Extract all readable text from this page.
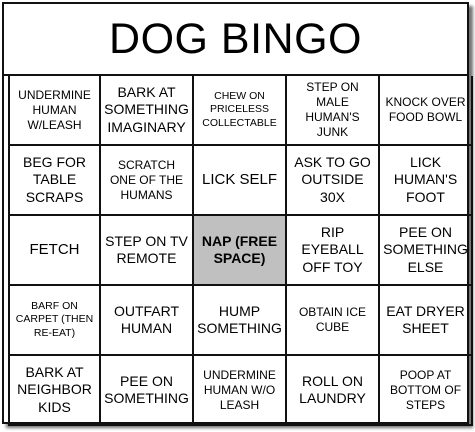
DOG BINGO
UNDERMINE HUMAN W/LEASH
BARK AT SOMETHING IMAGINARY
CHEW ON PRICELESS COLLECTABLE
STEP ON MALE HUMAN'S JUNK
KNOCK OVER FOOD BOWL
BEG FOR TABLE SCRAPS
SCRATCH ONE OF THE HUMANS
LICK SELF
ASK TO GO OUTSIDE 30X
LICK HUMAN'S FOOT
FETCH
STEP ON TV REMOTE
NAP (FREE SPACE)
RIP EYEBALL OFF TOY
PEE ON SOMETHING ELSE
BARF ON CARPET (THEN RE-EAT)
OUTFART HUMAN
HUMP SOMETHING
OBTAIN ICE CUBE
EAT DRYER SHEET
BARK AT NEIGHBOR KIDS
PEE ON SOMETHING
UNDERMINE HUMAN W/O LEASH
ROLL ON LAUNDRY
POOP AT BOTTOM OF STEPS
